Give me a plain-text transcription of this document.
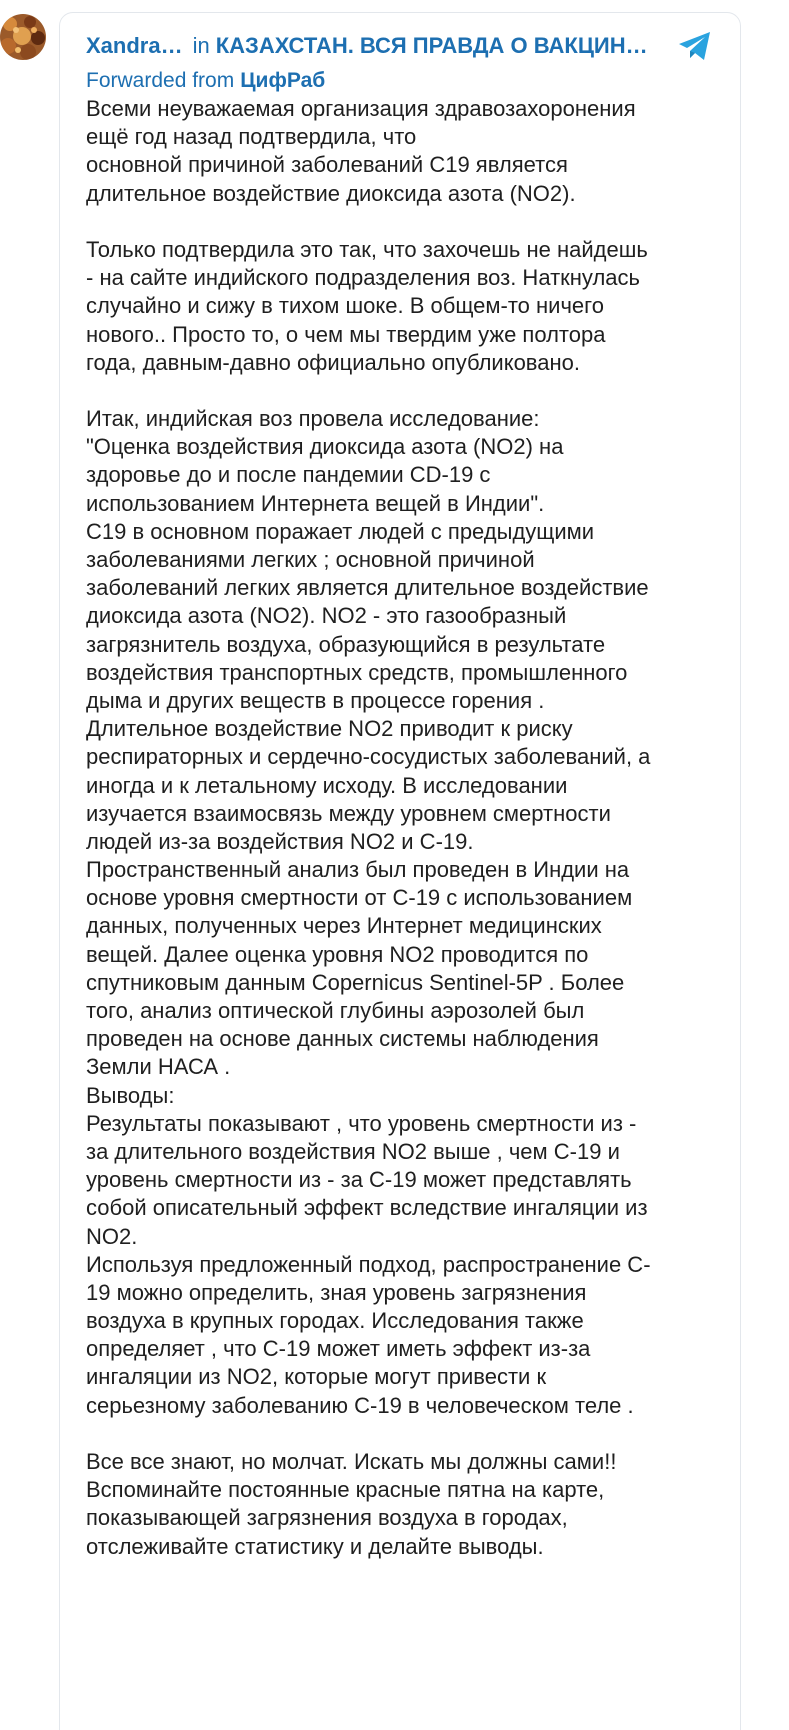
Xandra… in КАЗАХСТАН. ВСЯ ПРАВДА О ВАКЦИН…
Forwarded from ЦифРаб
Всеми неуважаемая организация здравозахоронения
ещё год назад подтвердила, что
основной причиной заболеваний С19 является
длительное воздействие диоксида азота (NO2).
Только подтвердила это так, что захочешь не найдешь
- на сайте индийского подразделения воз. Наткнулась
случайно и сижу в тихом шоке. В общем-то ничего
нового.. Просто то, о чем мы твердим уже полтора
года, давным-давно официально опубликовано.
Итак, индийская воз провела исследование:
"Оценка воздействия диоксида азота (NO2) на
здоровье до и после пандемии CD-19 с
использованием Интернета вещей в Индии".
С19 в основном поражает людей с предыдущими
заболеваниями легких ; основной причиной
заболеваний легких является длительное воздействие
диоксида азота (NO2). NO2 - это газообразный
загрязнитель воздуха, образующийся в результате
воздействия транспортных средств, промышленного
дыма и других веществ в процессе горения .
Длительное воздействие NO2 приводит к риску
респираторных и сердечно-сосудистых заболеваний, а
иногда и к летальному исходу. В исследовании
изучается взаимосвязь между уровнем смертности
людей из-за воздействия NO2 и C-19.
Пространственный анализ был проведен в Индии на
основе уровня смертности от С-19 с использованием
данных, полученных через Интернет медицинских
вещей. Далее оценка уровня NO2 проводится по
спутниковым данным Copernicus Sentinel-5P . Более
того, анализ оптической глубины аэрозолей был
проведен на основе данных системы наблюдения
Земли НАСА .
Выводы:
Результаты показывают , что уровень смертности из -
за длительного воздействия NO2 выше , чем С-19 и
уровень смертности из - за С-19 может представлять
собой описательный эффект вследствие ингаляции из
NO2.
Используя предложенный подход, распространение С-
19 можно определить, зная уровень загрязнения
воздуха в крупных городах. Исследования также
определяет , что С-19 может иметь эффект из-за
ингаляции из NO2, которые могут привести к
серьезному заболеванию С-19 в человеческом теле .
Все все знают, но молчат. Искать мы должны сами!!
Вспоминайте постоянные красные пятна на карте,
показывающей загрязнения воздуха в городах,
отслеживайте статистику и делайте выводы.
